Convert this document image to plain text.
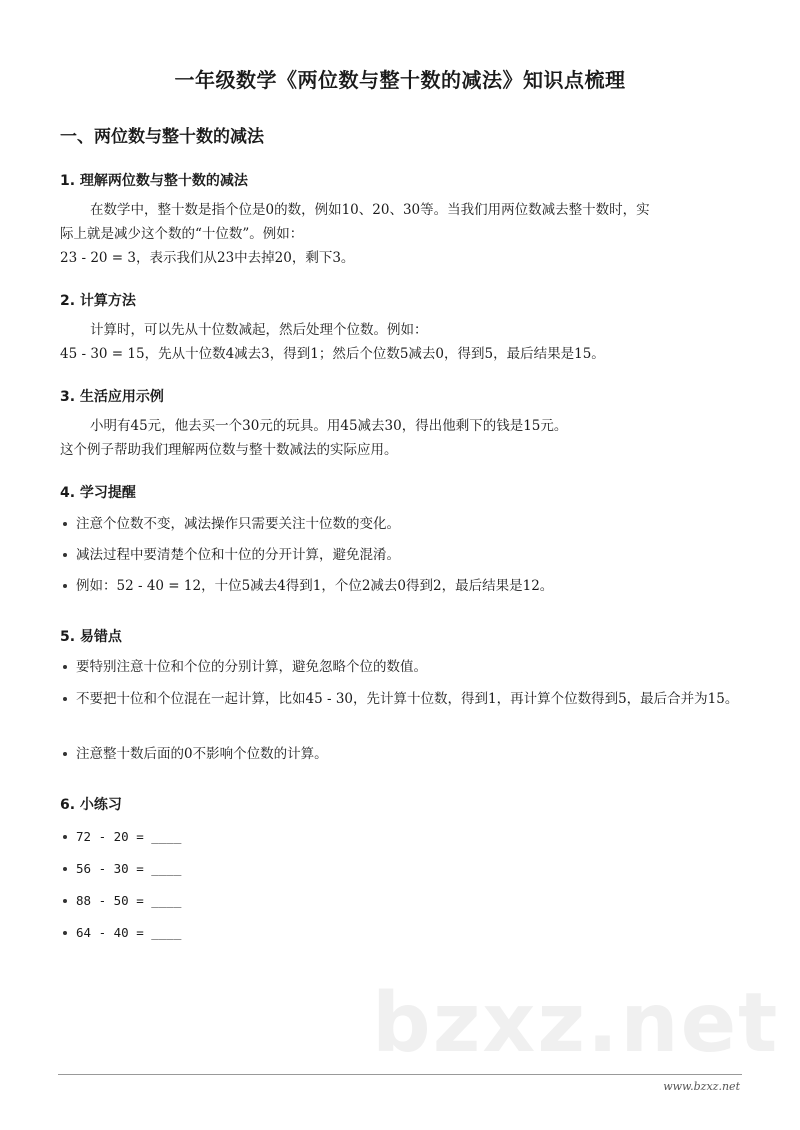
一年级数学《两位数与整十数的减法》知识点梳理
一、两位数与整十数的减法
1. 理解两位数与整十数的减法
在数学中，整十数是指个位是0的数，例如10、20、30等。当我们用两位数减去整十数时，实
际上就是减少这个数的“十位数”。例如：
23 - 20 = 3，表示我们从23中去掉20，剩下3。
2. 计算方法
计算时，可以先从十位数减起，然后处理个位数。例如：
45 - 30 = 15，先从十位数4减去3，得到1；然后个位数5减去0，得到5，最后结果是15。
3. 生活应用示例
小明有45元，他去买一个30元的玩具。用45减去30，得出他剩下的钱是15元。
这个例子帮助我们理解两位数与整十数减法的实际应用。
4. 学习提醒
注意个位数不变，减法操作只需要关注十位数的变化。
减法过程中要清楚个位和十位的分开计算，避免混淆。
例如：52 - 40 = 12，十位5减去4得到1，个位2减去0得到2，最后结果是12。
5. 易错点
要特别注意十位和个位的分别计算，避免忽略个位的数值。
不要把十位和个位混在一起计算，比如45 - 30，先计算十位数，得到1，再计算个位数得到5，最后合并为15。
注意整十数后面的0不影响个位数的计算。
6. 小练习
72 - 20 = ____
56 - 30 = ____
88 - 50 = ____
64 - 40 = ____
bzxz.net
www.bzxz.net
